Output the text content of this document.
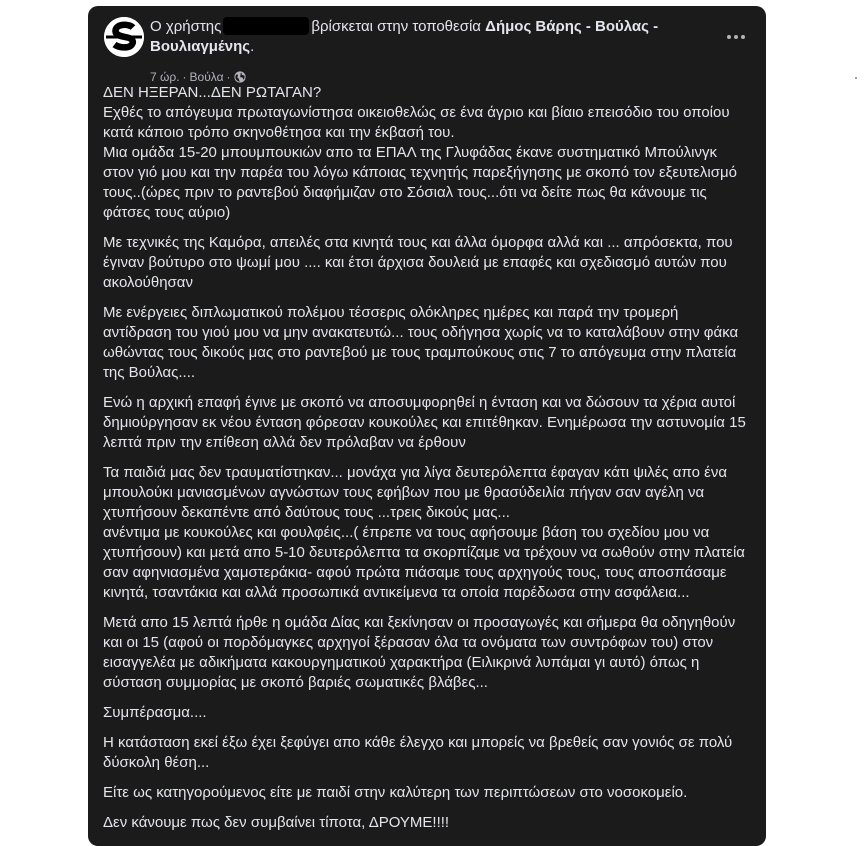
Ο χρήστης	βρίσκεται στην τοποθεσία Δήμος Βάρης - Βούλας -
Βουλιαγμένης.
7 ώρ. · Βούλα ·

ΔΕΝ ΗΞΕΡΑΝ...ΔΕΝ ΡΩΤΑΓΑΝ?
Εχθές το απόγευμα πρωταγωνίστησα οικειοθελώς σε ένα άγριο και βίαιο επεισόδιο του οποίου κατά κάποιο τρόπο σκηνοθέτησα και την έκβασή του.
Μια ομάδα 15-20 μπουμπουκιών απο τα ΕΠΑΛ της Γλυφάδας έκανε συστηματικό Μπούλινγκ στον γιό μου και την παρέα του λόγω κάποιας τεχνητής παρεξήγησης με σκοπό τον εξευτελισμό τους..(ώρες πριν το ραντεβού διαφήμιζαν στο Σόσιαλ τους...ότι να δείτε πως θα κάνουμε τις φάτσες τους αύριο)

Με τεχνικές της Καμόρα, απειλές στα κινητά τους και άλλα όμορφα αλλά και ... απρόσεκτα, που έγιναν βούτυρο στο ψωμί μου .... και έτσι άρχισα δουλειά με επαφές και σχεδιασμό αυτών που ακολούθησαν

Με ενέργειες διπλωματικού πολέμου τέσσερις ολόκληρες ημέρες και παρά την τρομερή αντίδραση του γιού μου να μην ανακατευτώ... τους οδήγησα χωρίς να το καταλάβουν στην φάκα ωθώντας τους δικούς μας στο ραντεβού με τους τραμπούκους στις 7 το απόγευμα στην πλατεία της Βούλας....

Ενώ η αρχική επαφή έγινε με σκοπό να αποσυμφορηθεί η ένταση και να δώσουν τα χέρια αυτοί δημιούργησαν εκ νέου ένταση φόρεσαν κουκούλες και επιτέθηκαν. Ενημέρωσα την αστυνομία 15 λεπτά πριν την επίθεση αλλά δεν πρόλαβαν να έρθουν

Τα παιδιά μας δεν τραυματίστηκαν... μονάχα για λίγα δευτερόλεπτα έφαγαν κάτι ψιλές απο ένα μπουλούκι μανιασμένων αγνώστων τους εφήβων που με θρασύδειλία πήγαν σαν αγέλη να χτυπήσουν δεκαπέντε από δαύτους τους ...τρεις δικούς μας...
ανέντιμα με κουκούλες και φουλφέις...( έπρεπε να τους αφήσουμε βάση του σχεδίου μου να χτυπήσουν) και μετά απο 5-10 δευτερόλεπτα τα σκορπίζαμε να τρέχουν να σωθούν στην πλατεία σαν αφηνιασμένα χαμστεράκια- αφού πρώτα πιάσαμε τους αρχηγούς τους, τους αποσπάσαμε κινητά, τσαντάκια και αλλά προσωπικά αντικείμενα τα οποία παρέδωσα στην ασφάλεια...

Μετά απο 15 λεπτά ήρθε η ομάδα Δίας και ξεκίνησαν οι προσαγωγές και σήμερα θα οδηγηθούν και οι 15 (αφού οι πορδόμαγκες αρχηγοί ξέρασαν όλα τα ονόματα των συντρόφων του) στον εισαγγελέα με αδικήματα κακουργηματικού χαρακτήρα (Ειλικρινά λυπάμαι γι αυτό) όπως η σύσταση συμμορίας με σκοπό βαριές σωματικές βλάβες...

Συμπέρασμα....

Η κατάσταση εκεί έξω έχει ξεφύγει απο κάθε έλεγχο και μπορείς να βρεθείς σαν γονιός σε πολύ δύσκολη θέση...

Είτε ως κατηγορούμενος είτε με παιδί στην καλύτερη των περιπτώσεων στο νοσοκομείο.

Δεν κάνουμε πως δεν συμβαίνει τίποτα, ΔΡΟΥΜΕ!!!!
